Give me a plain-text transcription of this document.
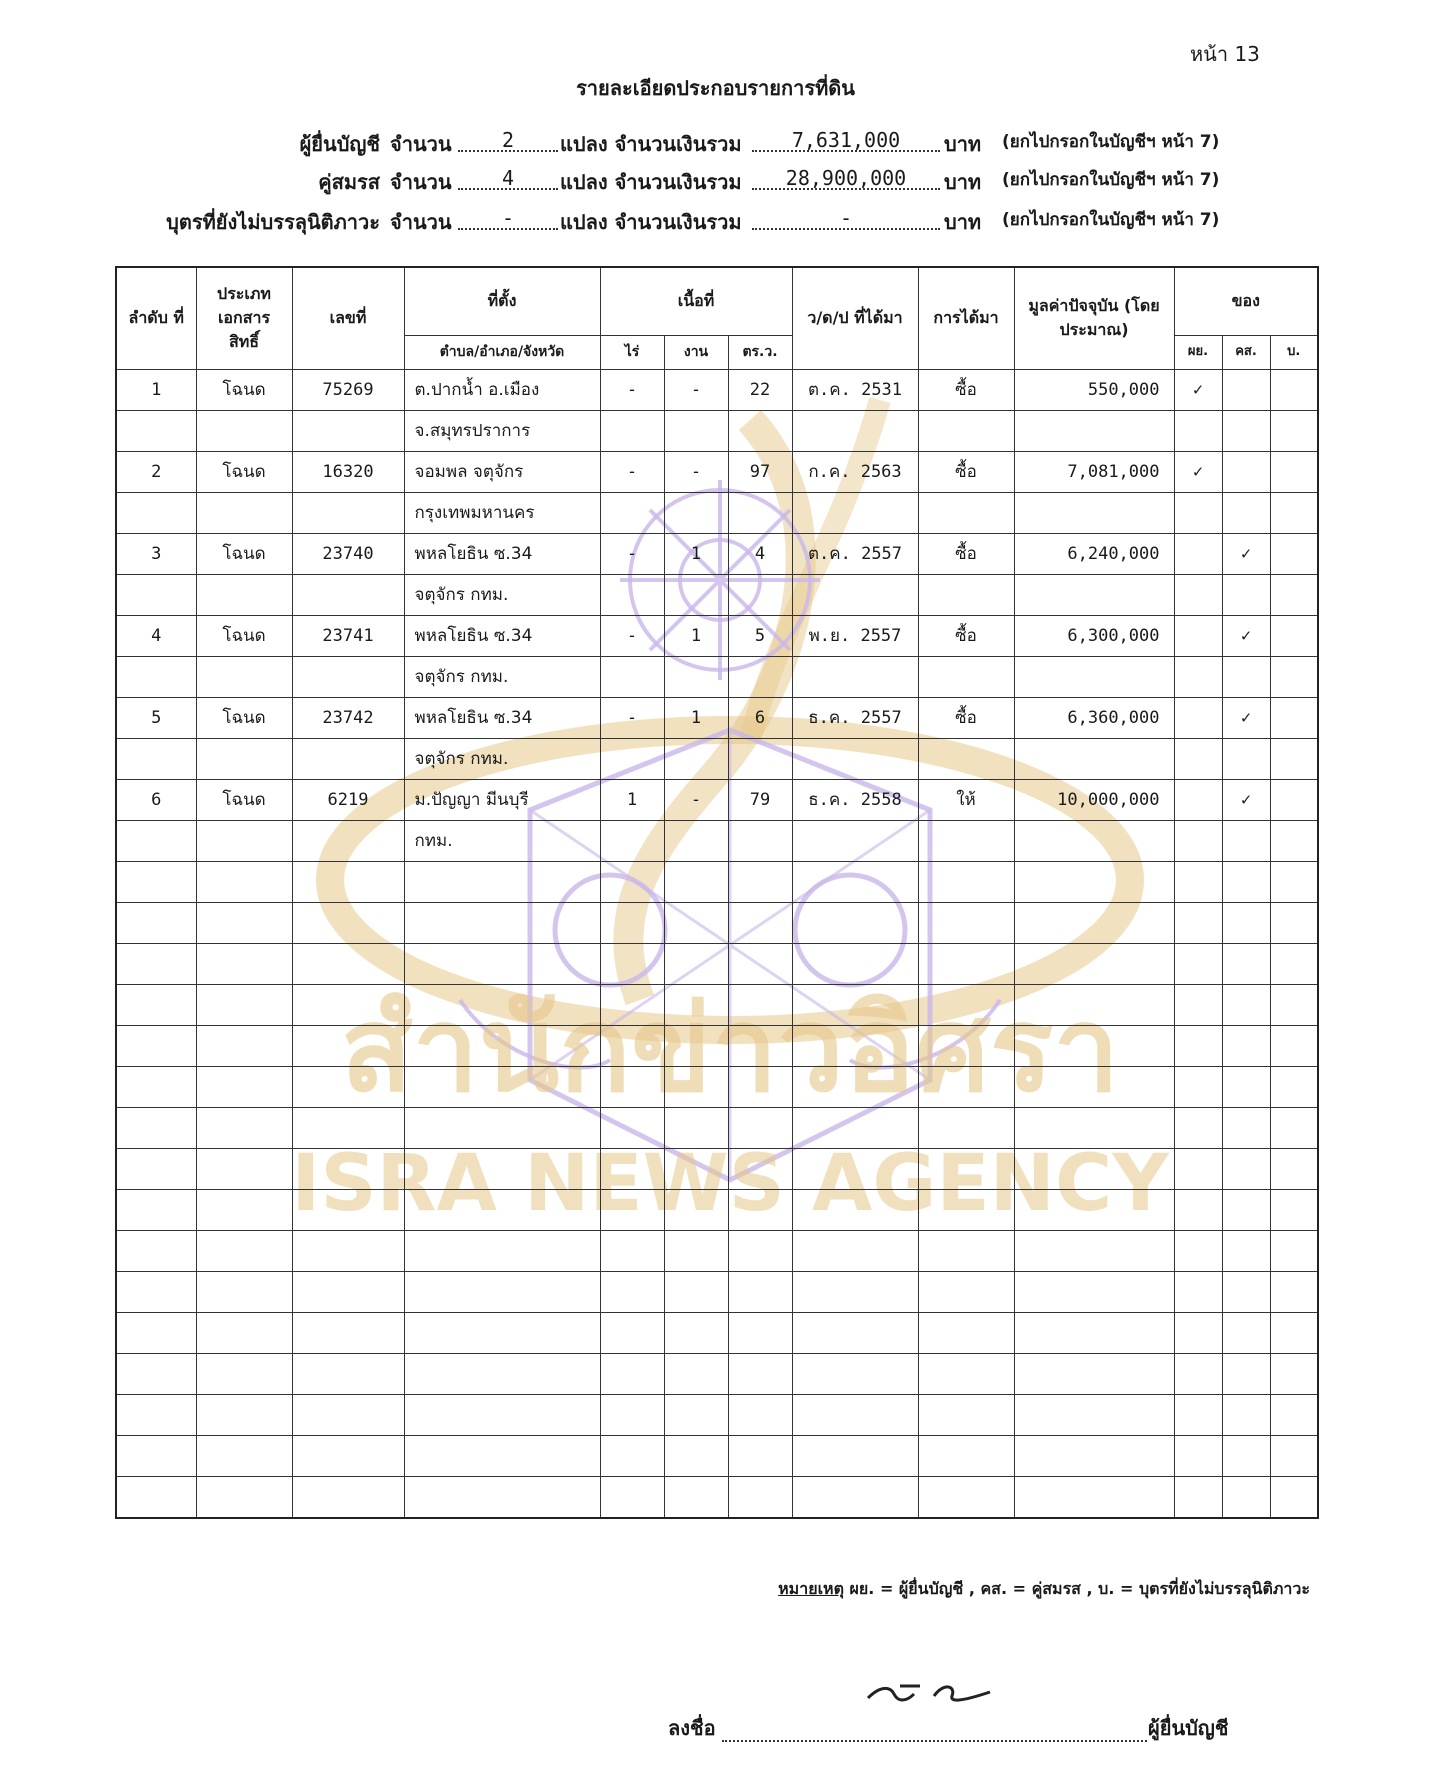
หน้า 13
รายละเอียดประกอบรายการที่ดิน
ผู้ยื่นบัญชี จำนวน	2	แปลง จำนวนเงินรวม	7,631,000	บาท (ยกไปกรอกในบัญชีฯ หน้า 7)
คู่สมรส จำนวน	4	แปลง จำนวนเงินรวม	28,900,000	บาท (ยกไปกรอกในบัญชีฯ หน้า 7)
บุตรที่ยังไม่บรรลุนิติภาวะ จำนวน	-	แปลง จำนวนเงินรวม	-	บาท (ยกไปกรอกในบัญชีฯ หน้า 7)
สำนักข่าวอิศรา
ISRA NEWS AGENCY
ลำดับ ที่	ประเภท เอกสาร สิทธิ์	เลขที่	ที่ตั้ง	เนื้อที่			ว/ด/ป ที่ได้มา	การได้มา	มูลค่าปัจจุบัน (โดยประมาณ)	ของ		
			ตำบล/อำเภอ/จังหวัด	ไร่	งาน	ตร.ว.				ผย.	คส.	บ.
1	โฉนด	75269	ต.ปากน้ำ อ.เมือง	-	-	22	ต.ค. 2531	ซื้อ	550,000	✓		
			จ.สมุทรปราการ									
2	โฉนด	16320	จอมพล จตุจักร	-	-	97	ก.ค. 2563	ซื้อ	7,081,000	✓		
			กรุงเทพมหานคร									
3	โฉนด	23740	พหลโยธิน ซ.34	-	1	4	ต.ค. 2557	ซื้อ	6,240,000		✓	
			จตุจักร กทม.									
4	โฉนด	23741	พหลโยธิน ซ.34	-	1	5	พ.ย. 2557	ซื้อ	6,300,000		✓	
			จตุจักร กทม.									
5	โฉนด	23742	พหลโยธิน ซ.34	-	1	6	ธ.ค. 2557	ซื้อ	6,360,000		✓	
			จตุจักร กทม.									
6	โฉนด	6219	ม.ปัญญา มีนบุรี	1	-	79	ธ.ค. 2558	ให้	10,000,000		✓	
			กทม.									

หมายเหตุ ผย. = ผู้ยื่นบัญชี , คส. = คู่สมรส , บ. = บุตรที่ยังไม่บรรลุนิติภาวะ
ลงชื่อ	ผู้ยื่นบัญชี
